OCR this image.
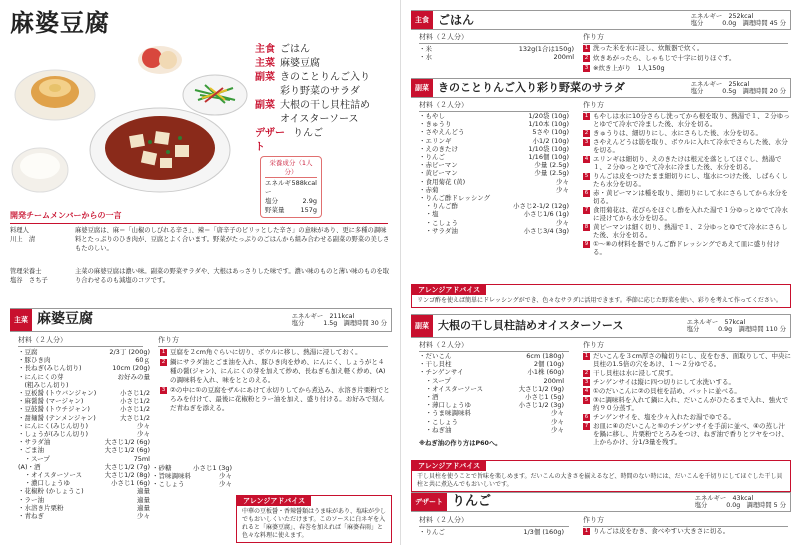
麻婆豆腐
主食 ごはん
主菜 麻婆豆腐
副菜 きのことりんご入り
彩り野菜のサラダ
副菜 大根の干し貝柱詰め
オイスターソース
デザート
りんご
栄養成分（1人分）
エネルギー
588kcal
塩分	2.9g
野菜量 157g
開発チームメンバーからの一言
料理人
川上　清
麻婆豆腐は、麻＝「山椒のしびれる辛さ」、辣＝「唐辛子のピリッとした辛さ」の意味があり、更に多種の調味料とたっぷりのひき肉が、豆腐とよく合います。野菜がたっぷりのごはんから組み合わせる副菜の野菜の美しさもたのしい。
管理栄養士
塩谷　さち子
主菜の麻婆豆腐は濃い味。副菜の野菜サラダや、大根はあっさりした味です。濃い味のものと薄い味のものを取り合わせるのも減塩のコツです。
主菜 麻婆豆腐	エネルギー　211kcal
塩分　　　1.5g　調理時間 30 分
材料（２人分）	作り方
・豆腐	2/3丁 (200g)
・豚ひき肉	60ｇ
・長ねぎ(みじん切り)	10cm (20g)
・にんにくの芽	お好みの量
　(粗みじん切り)
・豆板醤 (トウバンジャン)	小さじ1/2
・麻醤醤 (マージャン)	小さじ1/2
・豆鼓醤 (トウチジャン)	小さじ1/2
・甜麺醤 (テンメンジャン)	大さじ1/2
・にんにく(みじん切り)	少々
・しょうが(みじん切り)	少々
・サラダ油	大さじ1/2 (6g)
・ごま油	大さじ1/2 (6g)
　・スープ	75ml
(A)・酒	大さじ1/2 (7g)
　・オイスターソース	大さじ1/2 (8g)
　・濃口しょうゆ	小さじ1 (6g)
・花椒粉 (かしょうこ)	適量
・ラー油	適量
・水溶き片栗粉	適量
・青ねぎ	少々
・砂糖	小さじ1 (3g)
・旨味調味料	少々
・こしょう	少々
1 豆腐を２cm角ぐらいに切り、ボウルに移し、熱湯に浸しておく。
2 鍋にサラダ油とごま油を入れ、豚ひき肉を炒め、にんにく、しょうがと４種の醤(ジャン)、にんにくの芽を加えて炒め、長ねぎも加え軽く炒め、(A)の調味料を入れ、味をととのえる。
3 ②の中に①の豆腐をザルにあけて水切りしてから煮込み、水溶き片栗粉でとろみを付けて、最後に花椒粉とラー油を加え、盛り付ける。お好みで刻んだ青ねぎを添える。
アレンジアドバイス
中華の豆板醤・香辣醤類はうま味があり、塩味が少しでもおいしくいただけます。このソースに白ネギを入れると「麻婆豆腐」、春巻を加えれば「麻婆春雨」と色々な料理に使えます。
主食 ごはん	エネルギー　252kcal
塩分　　　0.0g　調理時間 45 分
材料（２人分）	作り方
・米	132g(1合は150g)
・水	200ml
1 洗った米を水に浸し、炊飯器で炊く。
2 炊きあがったら、しゃもじで十字に切りほぐす。
3 ※炊き上がり　1人150g
副菜 きのことりんご入り彩り野菜のサラダ	エネルギー　25kcal
塩分　　　0.5g　調理時間 20 分
材料（２人分）	作り方
・もやし	1/20袋 (10g)
・きゅうり	1/10本 (10g)
・さやえんどう	5さや (10g)
・エリンギ	小1/2 (10g)
・えのきたけ	1/10袋 (10g)
・りんご	1/16個 (10g)
・赤ピーマン	少量 (2.5g)
・黄ピーマン	少量 (2.5g)
・食用菊花 (黄)	少々
・赤菊	少々
・りんご酢ドレッシング
　・りんご酢	小さじ2-1/2 (12g)
　・塩	小さじ1/6 (1g)
　・こしょう	少々
　・サラダ油	小さじ3/4 (3g)
1 もやしは水に10分さらし洗ってから根を取り、熱湯で１、２分ゆっとゆでて冷水で冷ました後、水分を切る。
2 きゅうりは、細切りにし、水にさらした後、水分を切る。
3 さやえんどうは筋を取り、ボウルに入れて冷水でさらした後、水分を切る。
4 エリンギは細切り、えのきたけは根元を落としてほぐし、熱湯で１、２分ゆっとゆでて冷水に冷ました後、水分を切る。
5 りんごは皮をつけたまま細切りにし、塩水につけた後、しばらくしたら水分を切る。
6 赤・黄ピーマンは種を取り、細切りにして水にさらしてから水分を切る。
7 食用菊花は、花びらをほぐし酢を入れた湯で１分ゆっとゆでて冷水に浸けてから水分を切る。
8 黄ピーマンは細く切り、熱湯で１、２分ゆっとゆでて冷水にさらした後、水分を切る。
9 ①～⑧の材料を器でりんご酢ドレッシングであえて皿に盛り付ける。
アレンジアドバイス
リンゴ酢を使えば簡単にドレッシングができ、色々なサラダに活用できます。季節に応じた野菜を使い、彩りを考えて作ってください。
副菜 大根の干し貝柱詰めオイスターソース	エネルギー　57kcal
塩分　　　0.9g　調理時間 110 分
材料（２人分）	作り方
・だいこん	6cm (180g)
・干し貝柱	2個 (10g)
・チンゲンサイ	小1株 (60g)
　・スープ	200ml
　・オイスターソース	大さじ1/2 (9g)
　・酒	小さじ1 (5g)
　・薄口しょうゆ	小さじ1/2 (3g)
　・うま味調味料	少々
　・こしょう	少々
　・ねぎ油	少々
※ねぎ油の作り方はP60へ。
1 だいこんを３cm厚さの輪切りにし、皮をむき、面取りして、中央に貝柱の1.5倍の穴をあけ、１～２分ゆでる。
2 干し貝柱は水に浸して戻す。
3 チンゲンサイは縦に四つ切りにして水洗いする。
4 ①のだいこんに②の貝柱を詰め、バットに並べる。
5 ③に調味料を入れて鍋に入れ、だいこんがひたるまで入れ、強火で約９０分蒸す。
6 チンゲンサイを、塩を少々入れたお湯でゆでる。
7 お皿に④のだいこんと⑤のチンゲンサイを手前に並べ、④の蒸し汁を鍋に移し、片栗粉でとろみをつけ、ねぎ油で香りとツヤをつけ、上からかけ、分1/3量を残す。
アレンジアドバイス
干し貝柱を使うことで旨味を楽しめます。だいこんの大きさを揃えるなど、時間のない時には、だいこんを千切りにしてほぐした干し貝柱と共に煮込んでもおいしいです。
デザート りんご	エネルギー　43kcal
塩分　　　0.0g　調理時間 5 分
材料（２人分）	作り方
・りんご	1/3個 (160g)	1 りんごは皮をむき、食べやすい大きさに切る。
